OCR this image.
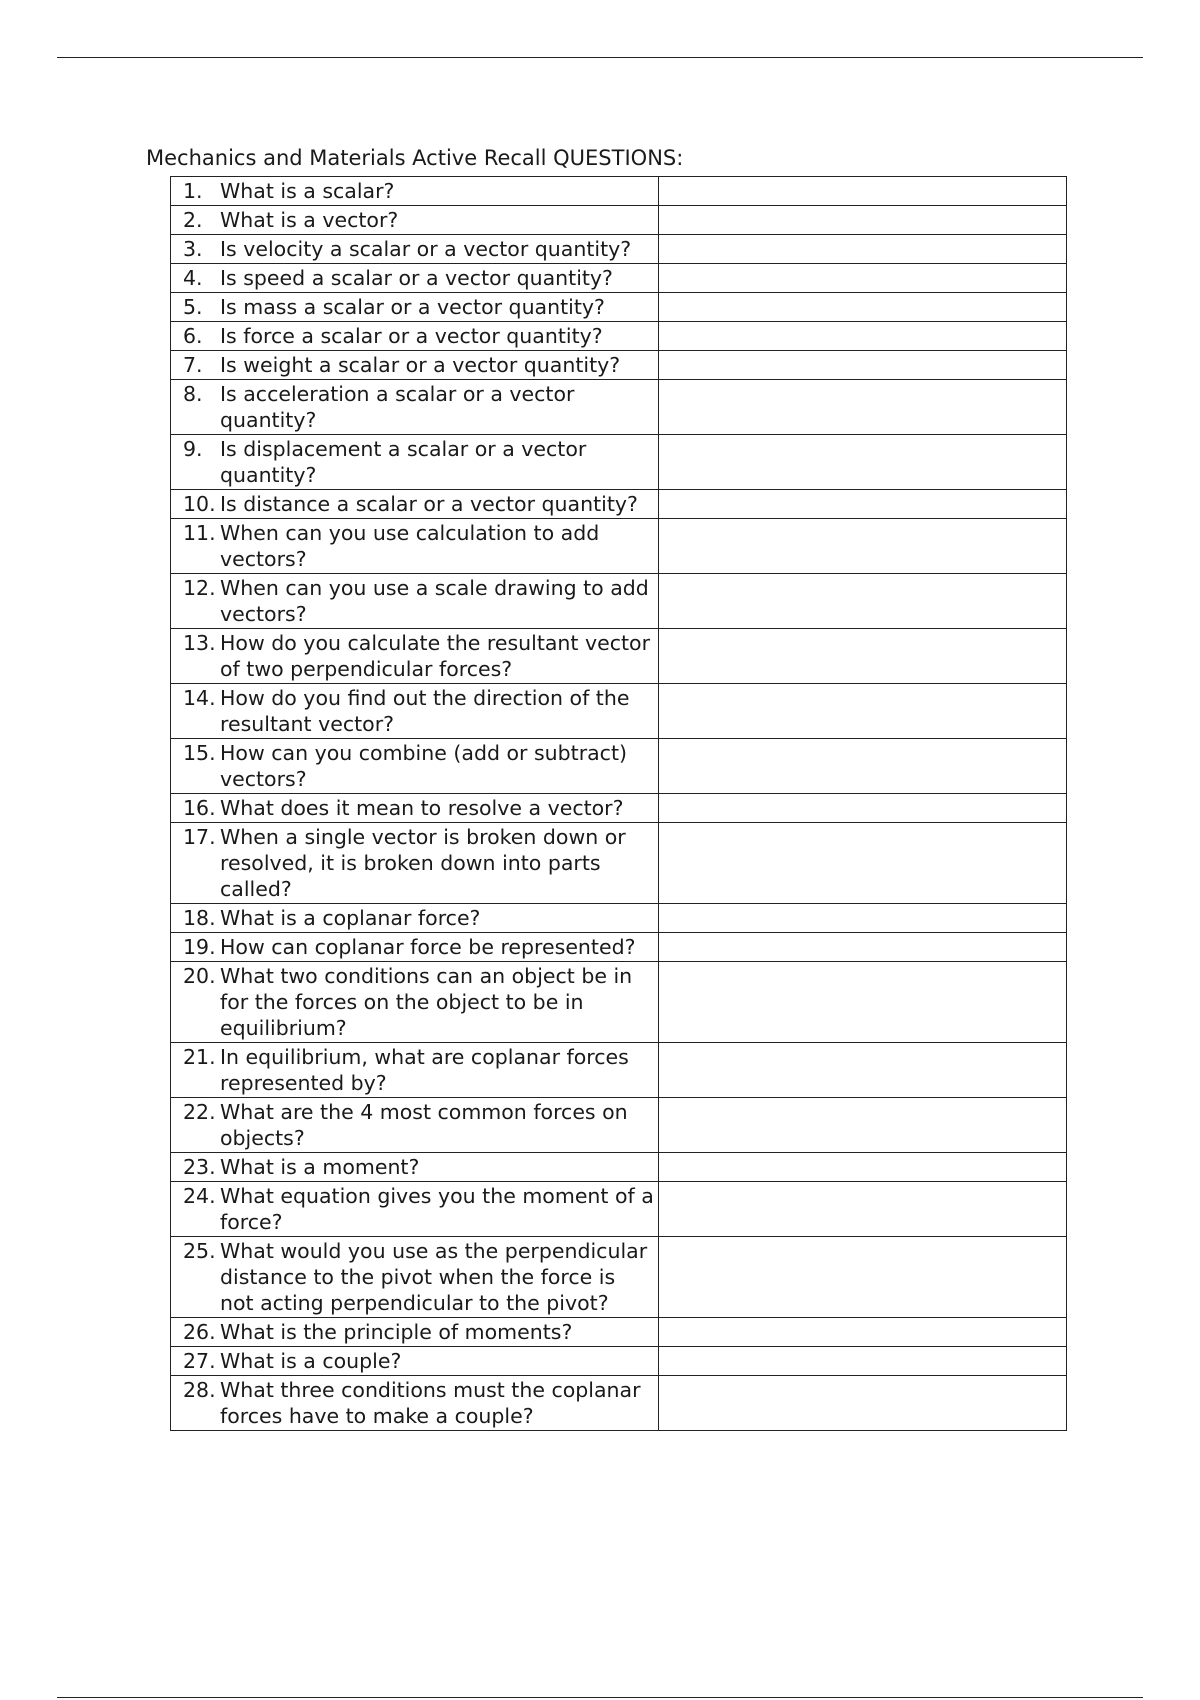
Mechanics and Materials Active Recall QUESTIONS:
1. What is a scalar?	

2. What is a vector?	

3. Is velocity a scalar or a vector quantity?	

4. Is speed a scalar or a vector quantity?	

5. Is mass a scalar or a vector quantity?	

6. Is force a scalar or a vector quantity?	

7. Is weight a scalar or a vector quantity?	

8. Is acceleration a scalar or a vector quantity?	

9. Is displacement a scalar or a vector quantity?	

10. Is distance a scalar or a vector quantity?	

11. When can you use calculation to add vectors?	

12. When can you use a scale drawing to add vectors?	

13. How do you calculate the resultant vector of two perpendicular forces?	

14. How do you find out the direction of the resultant vector?	

15. How can you combine (add or subtract) vectors?	

16. What does it mean to resolve a vector?	

17. When a single vector is broken down or resolved, it is broken down into parts called?	

18. What is a coplanar force?	

19. How can coplanar force be represented?	

20. What two conditions can an object be in for the forces on the object to be in equilibrium?	

21. In equilibrium, what are coplanar forces represented by?	

22. What are the 4 most common forces on objects?	

23. What is a moment?	

24. What equation gives you the moment of a force?	

25. What would you use as the perpendicular distance to the pivot when the force is not acting perpendicular to the pivot?	

26. What is the principle of moments?	

27. What is a couple?	

28. What three conditions must the coplanar forces have to make a couple?	
